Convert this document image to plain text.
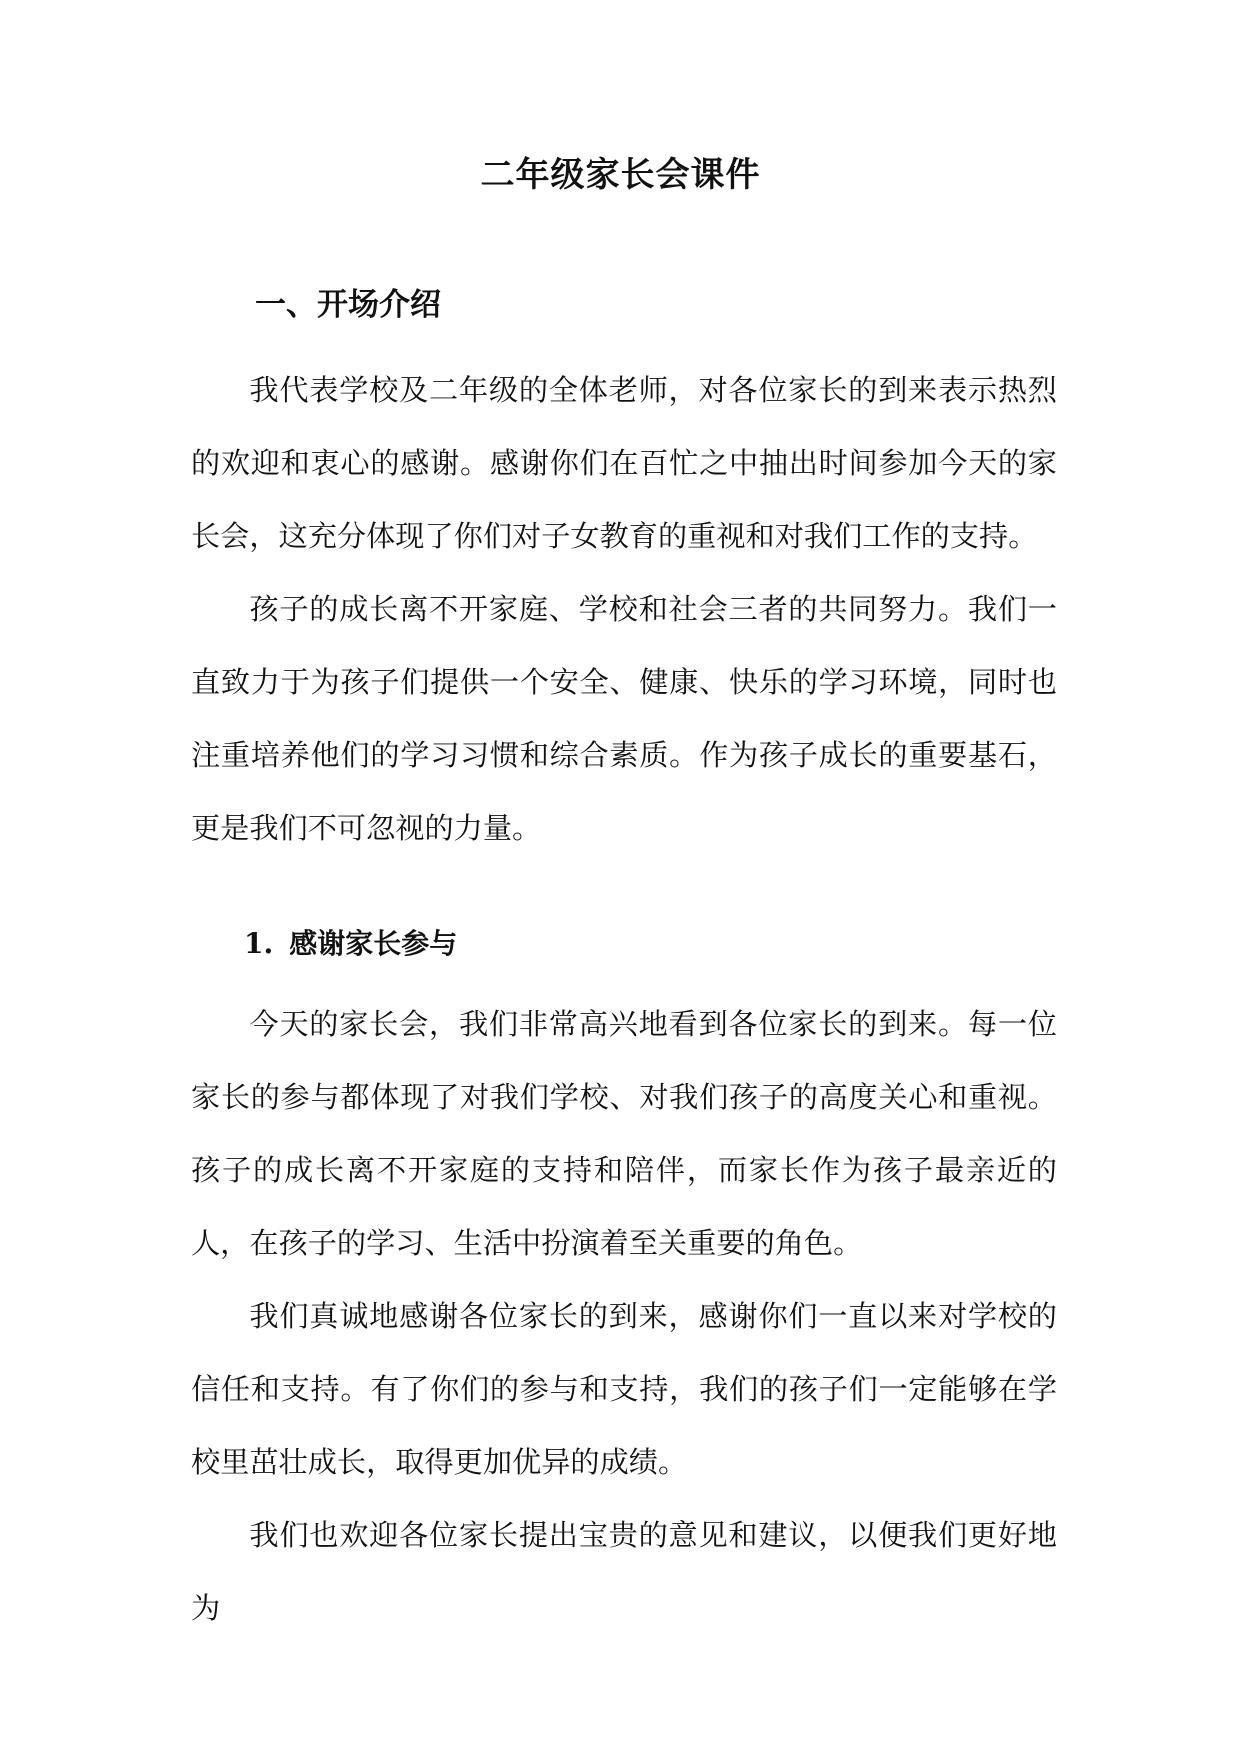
二年级家长会课件
一、开场介绍

我代表学校及二年级的全体老师，对各位家长的到来表示热烈的欢迎和衷心的感谢。感谢你们在百忙之中抽出时间参加今天的家长会，这充分体现了你们对子女教育的重视和对我们工作的支持。

孩子的成长离不开家庭、学校和社会三者的共同努力。我们一直致力于为孩子们提供一个安全、健康、快乐的学习环境，同时也注重培养他们的学习习惯和综合素质。作为孩子成长的重要基石，更是我们不可忽视的力量。

1. 感谢家长参与

今天的家长会，我们非常高兴地看到各位家长的到来。每一位家长的参与都体现了对我们学校、对我们孩子的高度关心和重视。孩子的成长离不开家庭的支持和陪伴，而家长作为孩子最亲近的人，在孩子的学习、生活中扮演着至关重要的角色。

我们真诚地感谢各位家长的到来，感谢你们一直以来对学校的信任和支持。有了你们的参与和支持，我们的孩子们一定能够在学校里茁壮成长，取得更加优异的成绩。

我们也欢迎各位家长提出宝贵的意见和建议，以便我们更好地为
